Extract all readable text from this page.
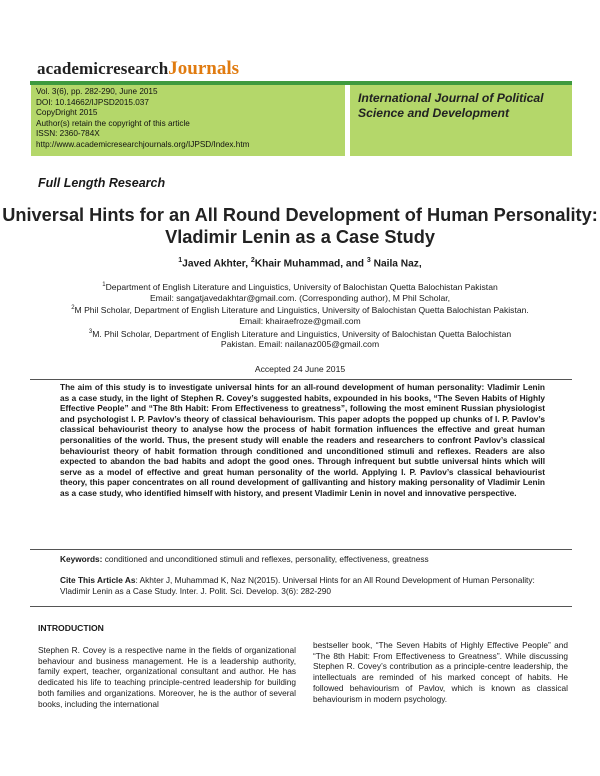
academicresearchJournals
Vol. 3(6), pp. 282-290, June 2015
DOI: 10.14662/IJPSD2015.037
CopyDright 2015
Author(s) retain the copyright of this article
ISSN: 2360-784X
http://www.academicresearchjournals.org/IJPSD/Index.htm
International Journal of Political Science and Development
Full Length Research
Universal Hints for an All Round Development of Human Personality: Vladimir Lenin as a Case Study
$^1$Javed Akhter, $^2$Khair Muhammad, and $^3$ Naila Naz,
$^1$Department of English Literature and Linguistics, University of Balochistan Quetta Balochistan Pakistan
Email: sangatjavedakhtar@gmail.com. (Corresponding author), M Phil Scholar,
$^2$M Phil Scholar, Department of English Literature and Linguistics, University of Balochistan Quetta Balochistan Pakistan.
Email: khairaefroze@gmail.com
$^3$M. Phil Scholar, Department of English Literature and Linguistics, University of Balochistan Quetta Balochistan
Pakistan. Email: nailanaz005@gmail.com
Accepted 24 June 2015
The aim of this study is to investigate universal hints for an all-round development of human personality: Vladimir Lenin as a case study, in the light of Stephen R. Covey’s suggested habits, expounded in his books, “The Seven Habits of Highly Effective People” and “The 8th Habit: From Effectiveness to greatness”, following the most eminent Russian physiologist and psychologist I. P. Pavlov’s theory of classical behaviourism. This paper adopts the popped up chunks of I. P. Pavlov’s classical behaviourist theory to analyse how the process of habit formation influences the effective and great human personalities of the world. Thus, the present study will enable the readers and researchers to confront Pavlov’s classical behaviourist theory of habit formation through conditioned and unconditioned stimuli and reflexes. Readers are also expected to abandon the bad habits and adopt the good ones. Through infrequent but subtle universal hints which will serve as a model of effective and great human personality of the world. Applying I. P. Pavlov’s classical behaviourist theory, this paper concentrates on all round development of gallivanting and history making personality of Vladimir Lenin as a case study, who identified himself with history, and present Vladimir Lenin in novel and innovative perspective.
Keywords: conditioned and unconditioned stimuli and reflexes, personality, effectiveness, greatness
Cite This Article As: Akhter J, Muhammad K, Naz N(2015). Universal Hints for an All Round Development of Human Personality: Vladimir Lenin as a Case Study. Inter. J. Polit. Sci. Develop. 3(6): 282-290
INTRODUCTION
Stephen R. Covey is a respective name in the fields of organizational behaviour and business management. He is a leadership authority, family expert, teacher, organizational consultant and author. He has dedicated his life to teaching principle-centred leadership for building both families and organizations. Moreover, he is the author of several books, including the international
bestseller book, “The Seven Habits of Highly Effective People” and “The 8th Habit: From Effectiveness to Greatness”. While discussing Stephen R. Covey’s contribution as a principle-centre leadership, the intellectuals are reminded of his marked concept of habits. He followed behaviourism of Pavlov, which is known as classical behaviourism in modern psychology.
